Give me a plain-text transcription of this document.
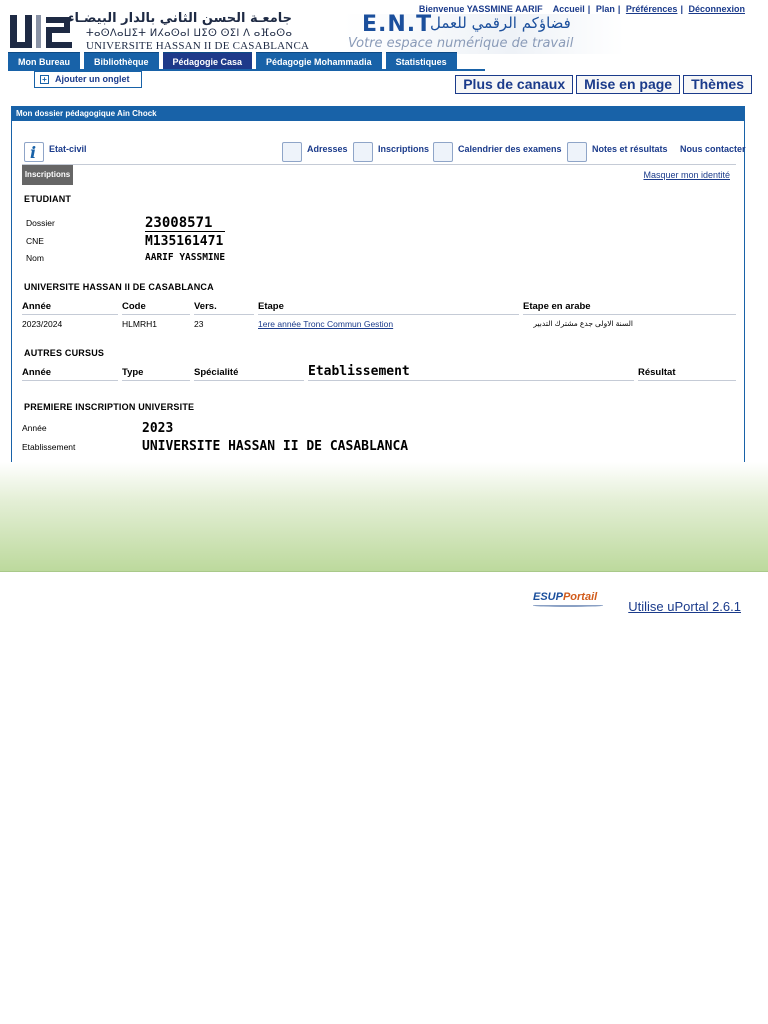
جامعـة الحسن الثاني بالدار البيضـاء
ⵜⴰⵙⴷⴰⵡⵉⵜ ⵍⵃⴰⵙⴰⵏ ⵡⵉⵙ ⵙⵉⵏ ⴷ ⴰⴼⴰⵙⴰ
UNIVERSITE HASSAN II DE CASABLANCA
E.N.T
فضاؤكم الرقمي للعمل
Votre espace numérique de travail
Bienvenue YASSMINE AARIF Accueil | Plan | Préférences | Déconnexion
Mon Bureau	Bibliothèque	Pédagogie Casa	Pédagogie Mohammadia	Statistiques
+ Ajouter un onglet	Plus de canaux	Mise en page	Thèmes
Mon dossier pédagogique Ain Chock
i
Etat-civil	Adresses	Inscriptions	Calendrier des examens	Notes et résultats Nous contacter
Inscriptions	Masquer mon identité
ETUDIANT
Dossier	23008571
CNE	M135161471
Nom	AARIF YASSMINE
UNIVERSITE HASSAN II DE CASABLANCA
Année	Code	Vers.	Etape	Etape en arabe
2023/2024	HLMRH1	23	1ere année Tronc Commun Gestion	السنة الاولى جدع مشترك التدبير
AUTRES CURSUS
Année	Type	Spécialité	Etablissement	Résultat
PREMIERE INSCRIPTION UNIVERSITE
Année	2023
Etablissement	UNIVERSITE HASSAN II DE CASABLANCA
ESUPPortail
Utilise uPortal 2.6.1
